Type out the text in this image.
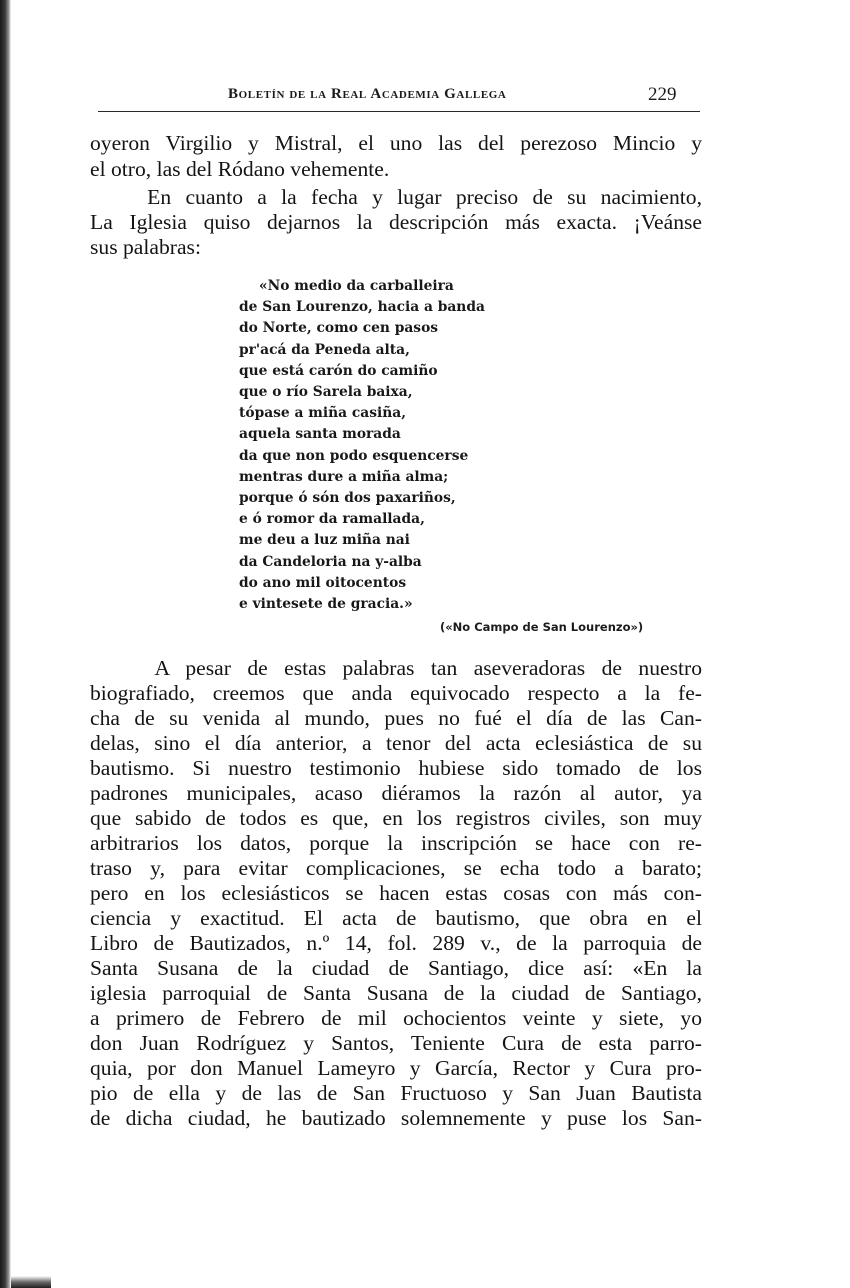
Boletín de la Real Academia Gallega	229
oyeron Virgilio y Mistral, el uno las del perezoso Mincio y
el otro, las del Ródano vehemente.
En cuanto a la fecha y lugar preciso de su nacimiento,
La Iglesia quiso dejarnos la descripción más exacta. ¡Veánse
sus palabras:
«No medio da carballeira
de San Lourenzo, hacia a banda
do Norte, como cen pasos
pr'acá da Peneda alta,
que está carón do camiño
que o río Sarela baixa,
tópase a miña casiña,
aquela santa morada
da que non podo esquencerse
mentras dure a miña alma;
porque ó són dos paxariños,
e ó romor da ramallada,
me deu a luz miña nai
da Candeloria na y-alba
do ano mil oitocentos
e vintesete de gracia.»
(«No Campo de San Lourenzo»)
A pesar de estas palabras tan aseveradoras de nuestro
biografiado, creemos que anda equivocado respecto a la fe-
cha de su venida al mundo, pues no fué el día de las Can-
delas, sino el día anterior, a tenor del acta eclesiástica de su
bautismo. Si nuestro testimonio hubiese sido tomado de los
padrones municipales, acaso diéramos la razón al autor, ya
que sabido de todos es que, en los registros civiles, son muy
arbitrarios los datos, porque la inscripción se hace con re-
traso y, para evitar complicaciones, se echa todo a barato;
pero en los eclesiásticos se hacen estas cosas con más con-
ciencia y exactitud. El acta de bautismo, que obra en el
Libro de Bautizados, n.º 14, fol. 289 v., de la parroquia de
Santa Susana de la ciudad de Santiago, dice así: «En la
iglesia parroquial de Santa Susana de la ciudad de Santiago,
a primero de Febrero de mil ochocientos veinte y siete, yo
don Juan Rodríguez y Santos, Teniente Cura de esta parro-
quia, por don Manuel Lameyro y García, Rector y Cura pro-
pio de ella y de las de San Fructuoso y San Juan Bautista
de dicha ciudad, he bautizado solemnemente y puse los San-
